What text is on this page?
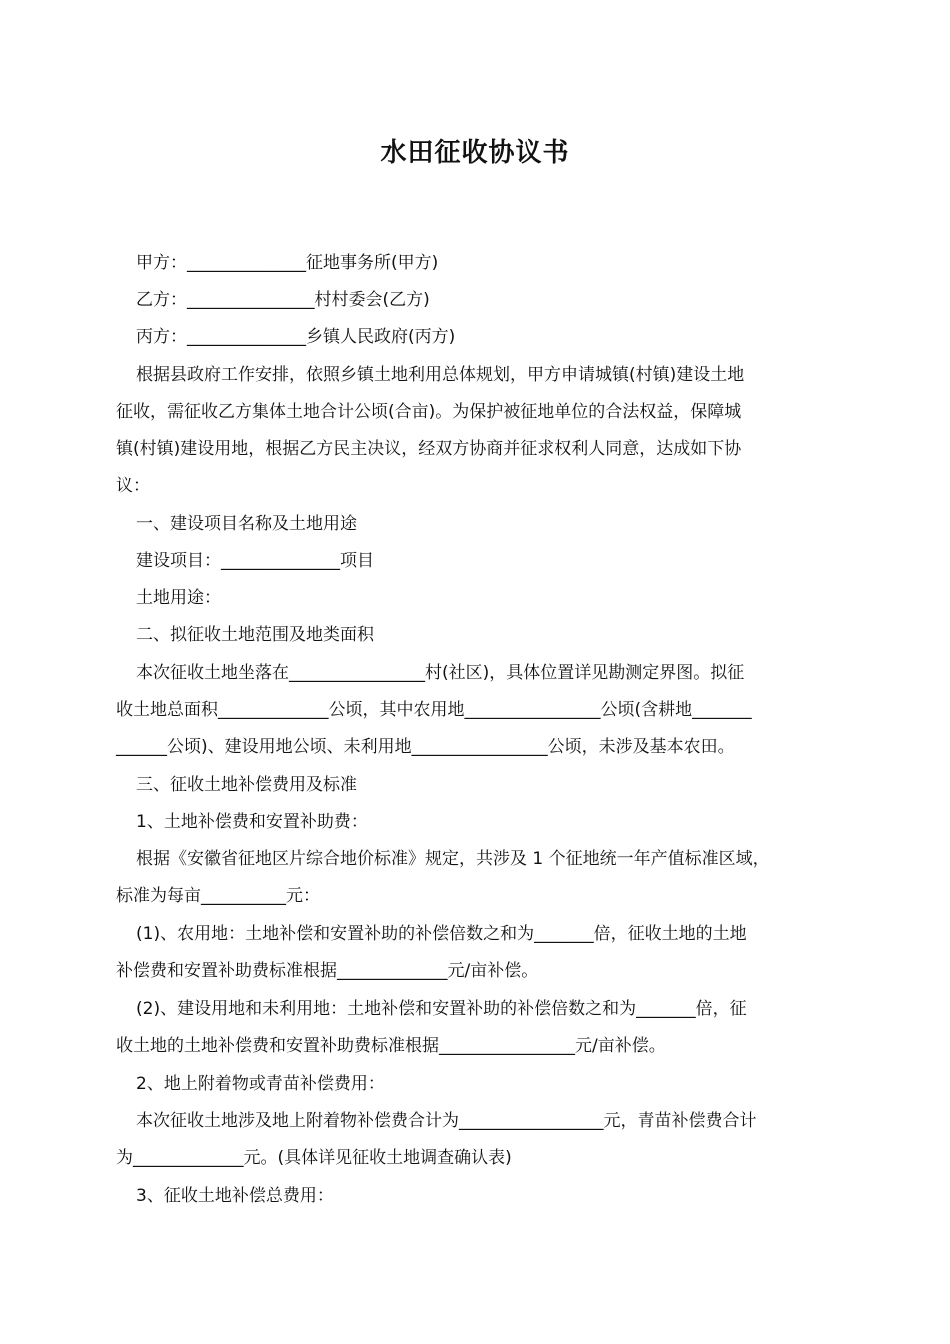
水田征收协议书
甲方：______________征地事务所(甲方)
乙方：_______________村村委会(乙方)
丙方：______________乡镇人民政府(丙方)
根据县政府工作安排，依照乡镇土地利用总体规划，甲方申请城镇(村镇)建设土地
征收，需征收乙方集体土地合计公顷(合亩)。为保护被征地单位的合法权益，保障城
镇(村镇)建设用地，根据乙方民主决议，经双方协商并征求权利人同意，达成如下协
议：
一、建设项目名称及土地用途
建设项目：______________项目
土地用途：
二、拟征收土地范围及地类面积
本次征收土地坐落在________________村(社区)，具体位置详见勘测定界图。拟征
收土地总面积_____________公顷，其中农用地________________公顷(含耕地_______
______公顷)、建设用地公顷、未利用地________________公顷，未涉及基本农田。
三、征收土地补偿费用及标准
1、土地补偿费和安置补助费：
根据《安徽省征地区片综合地价标准》规定，共涉及 1 个征地统一年产值标准区域，
标准为每亩__________元：
(1)、农用地：土地补偿和安置补助的补偿倍数之和为_______倍，征收土地的土地
补偿费和安置补助费标准根据_____________元/亩补偿。
(2)、建设用地和未利用地：土地补偿和安置补助的补偿倍数之和为_______倍，征
收土地的土地补偿费和安置补助费标准根据________________元/亩补偿。
2、地上附着物或青苗补偿费用：
本次征收土地涉及地上附着物补偿费合计为_________________元，青苗补偿费合计
为_____________元。(具体详见征收土地调查确认表)
3、征收土地补偿总费用：
